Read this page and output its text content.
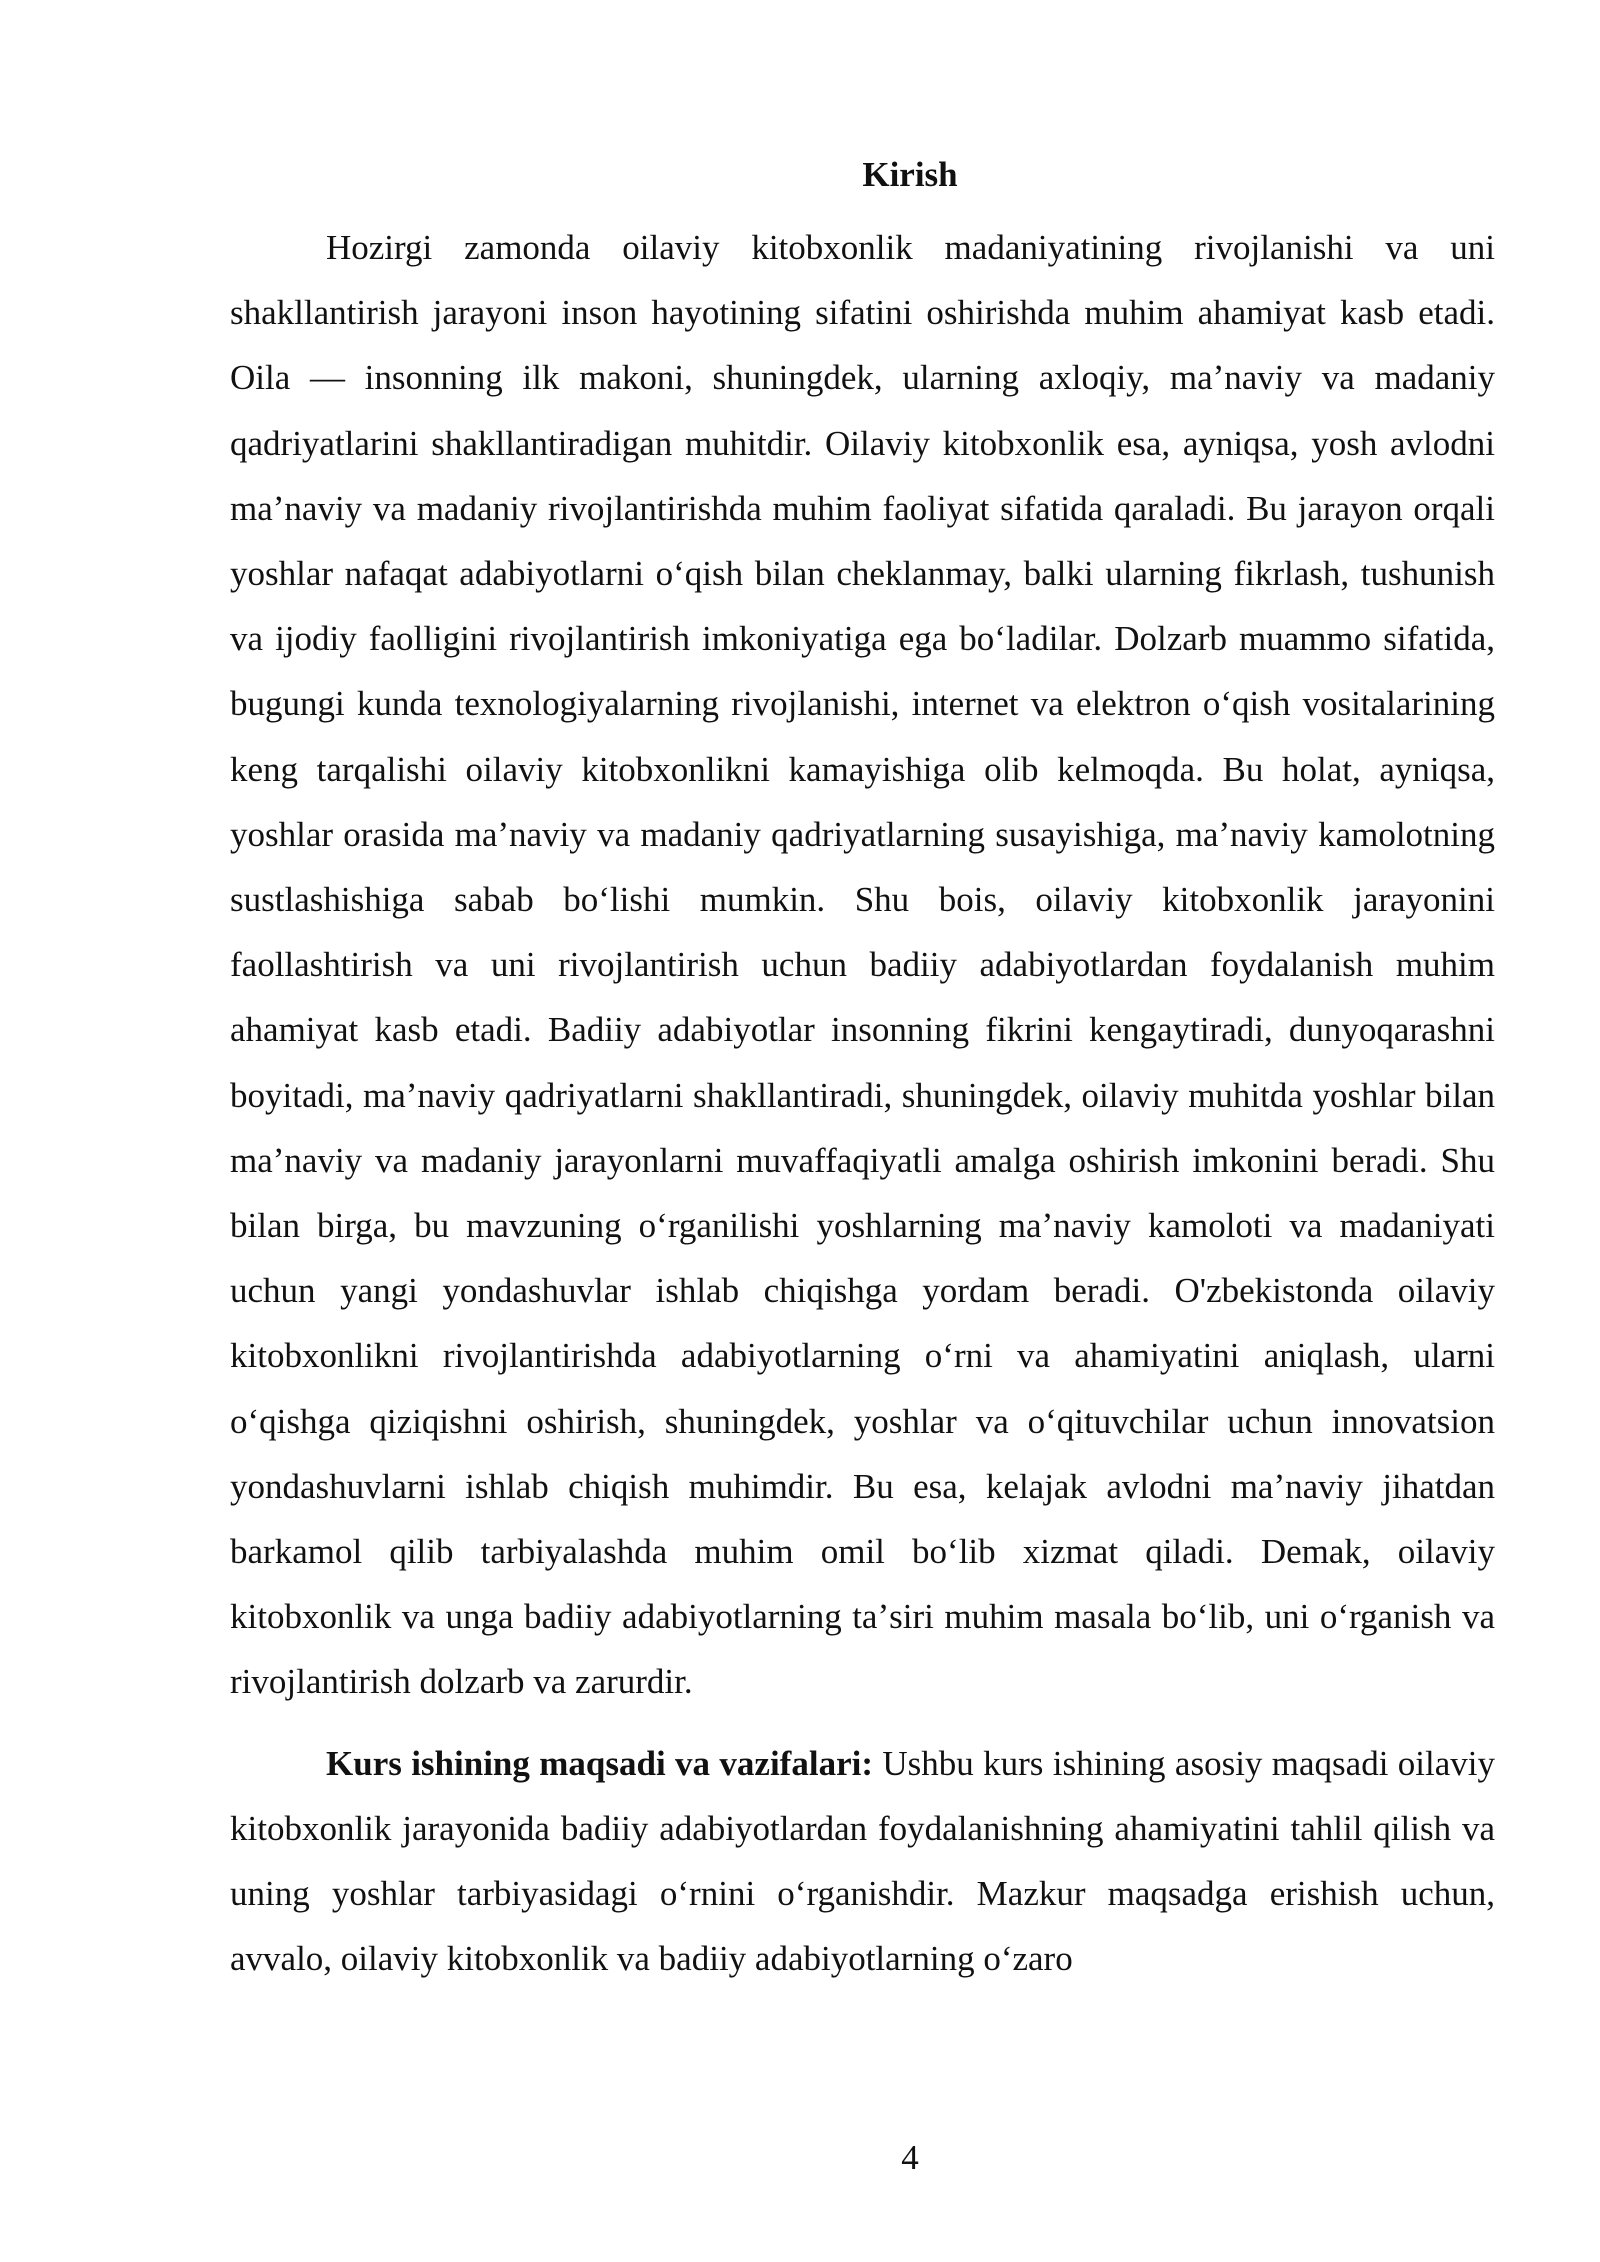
Kirish

Hozirgi zamonda oilaviy kitobxonlik madaniyatining rivojlanishi va uni shakllantirish jarayoni inson hayotining sifatini oshirishda muhim ahamiyat kasb etadi. Oila — insonning ilk makoni, shuningdek, ularning axloqiy, maʼnaviy va madaniy qadriyatlarini shakllantiradigan muhitdir. Oilaviy kitobxonlik esa, ayniqsa, yosh avlodni maʼnaviy va madaniy rivojlantirishda muhim faoliyat sifatida qaraladi. Bu jarayon orqali yoshlar nafaqat adabiyotlarni oʻqish bilan cheklanmay, balki ularning fikrlash, tushunish va ijodiy faolligini rivojlantirish imkoniyatiga ega boʻladilar. Dolzarb muammo sifatida, bugungi kunda texnologiyalarning rivojlanishi, internet va elektron oʻqish vositalarining keng tarqalishi oilaviy kitobxonlikni kamayishiga olib kelmoqda. Bu holat, ayniqsa, yoshlar orasida maʼnaviy va madaniy qadriyatlarning susayishiga, maʼnaviy kamolotning sustlashishiga sabab boʻlishi mumkin. Shu bois, oilaviy kitobxonlik jarayonini faollashtirish va uni rivojlantirish uchun badiiy adabiyotlardan foydalanish muhim ahamiyat kasb etadi. Badiiy adabiyotlar insonning fikrini kengaytiradi, dunyoqarashni boyitadi, maʼnaviy qadriyatlarni shakllantiradi, shuningdek, oilaviy muhitda yoshlar bilan maʼnaviy va madaniy jarayonlarni muvaffaqiyatli amalga oshirish imkonini beradi. Shu bilan birga, bu mavzuning oʻrganilishi yoshlarning maʼnaviy kamoloti va madaniyati uchun yangi yondashuvlar ishlab chiqishga yordam beradi. O'zbekistonda oilaviy kitobxonlikni rivojlantirishda adabiyotlarning oʻrni va ahamiyatini aniqlash, ularni oʻqishga qiziqishni oshirish, shuningdek, yoshlar va oʻqituvchilar uchun innovatsion yondashuvlarni ishlab chiqish muhimdir. Bu esa, kelajak avlodni maʼnaviy jihatdan barkamol qilib tarbiyalashda muhim omil boʻlib xizmat qiladi. Demak, oilaviy kitobxonlik va unga badiiy adabiyotlarning taʼsiri muhim masala boʻlib, uni oʻrganish va rivojlantirish dolzarb va zarurdir.

Kurs ishining maqsadi va vazifalari: Ushbu kurs ishining asosiy maqsadi oilaviy kitobxonlik jarayonida badiiy adabiyotlardan foydalanishning ahamiyatini tahlil qilish va uning yoshlar tarbiyasidagi oʻrnini oʻrganishdir. Mazkur maqsadga erishish uchun, avvalo, oilaviy kitobxonlik va badiiy adabiyotlarning oʻzaro

4
